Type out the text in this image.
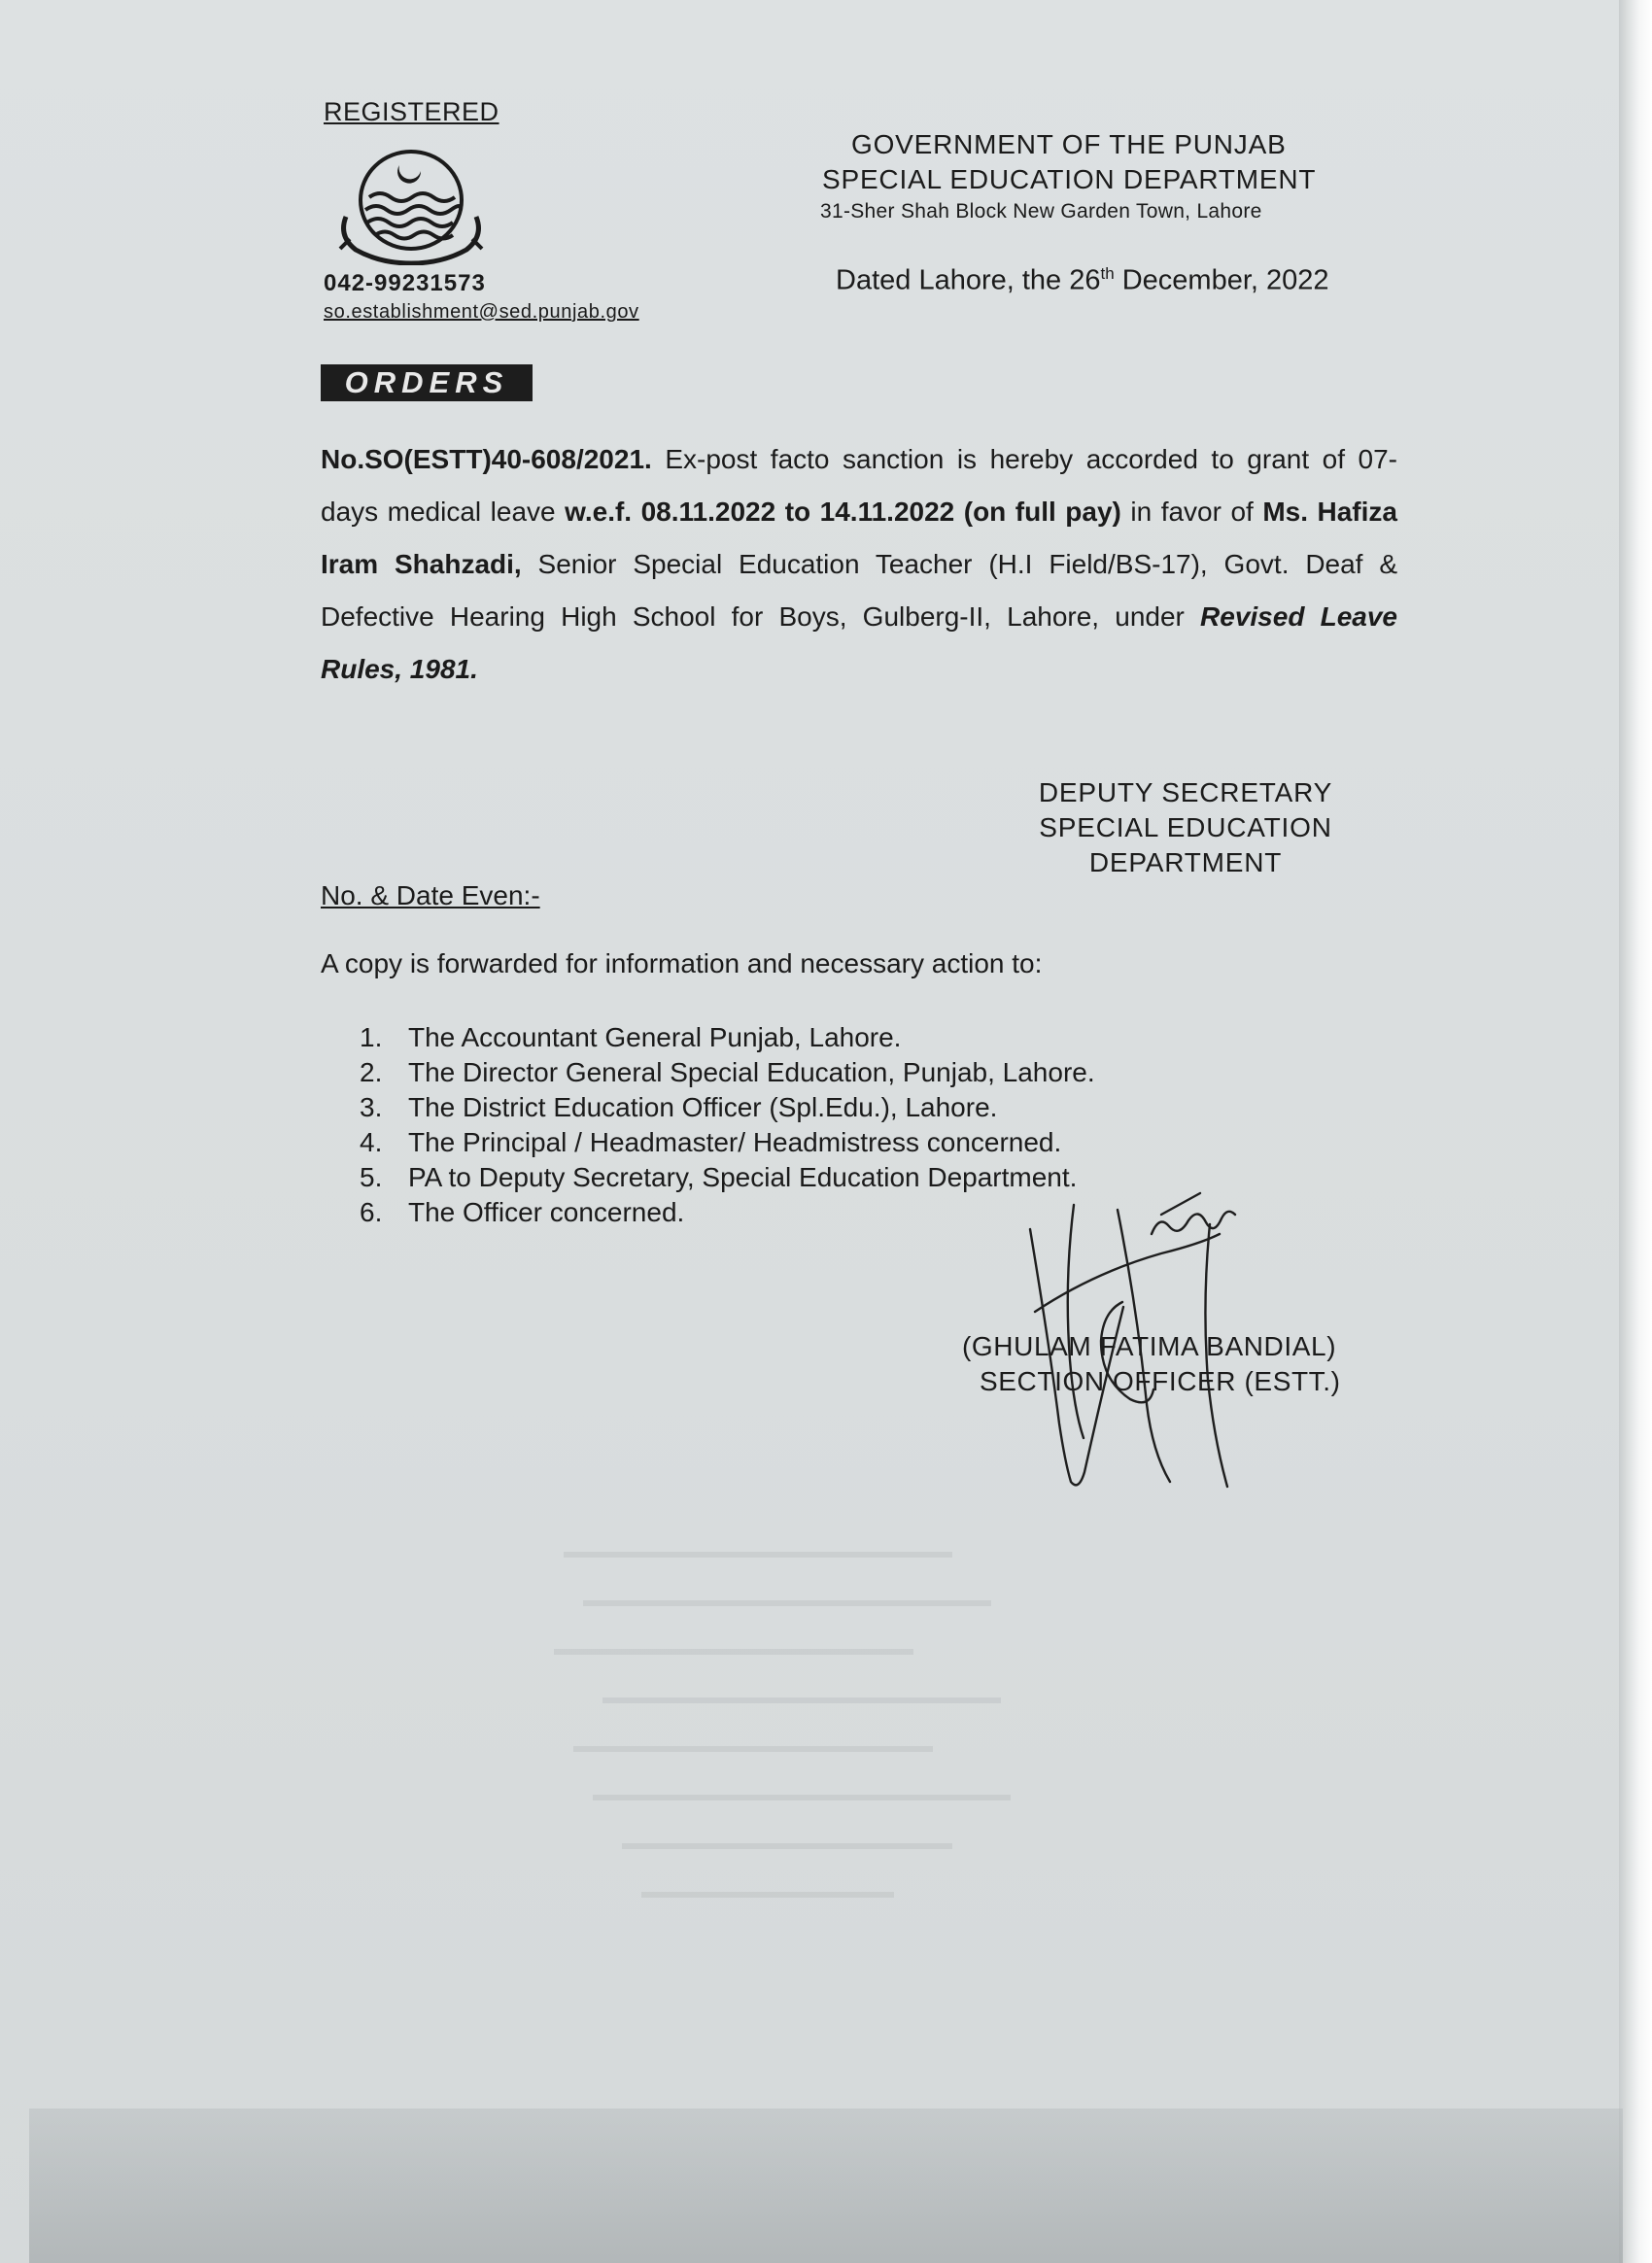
REGISTERED
042-99231573
so.establishment@sed.punjab.gov
GOVERNMENT OF THE PUNJAB
SPECIAL EDUCATION DEPARTMENT
31-Sher Shah Block New Garden Town, Lahore
Dated Lahore, the 26th December, 2022
ORDERS
No.SO(ESTT)40-608/2021. Ex-post facto sanction is hereby accorded to grant of 07-days medical leave w.e.f. 08.11.2022 to 14.11.2022 (on full pay) in favor of Ms. Hafiza Iram Shahzadi, Senior Special Education Teacher (H.I Field/BS-17), Govt. Deaf & Defective Hearing High School for Boys, Gulberg-II, Lahore, under Revised Leave Rules, 1981.
DEPUTY SECRETARY
SPECIAL EDUCATION
DEPARTMENT
No. & Date Even:-
A copy is forwarded for information and necessary action to:
1. The Accountant General Punjab, Lahore.
2. The Director General Special Education, Punjab, Lahore.
3. The District Education Officer (Spl.Edu.), Lahore.
4. The Principal / Headmaster/ Headmistress concerned.
5. PA to Deputy Secretary, Special Education Department.
6. The Officer concerned.
(GHULAM FATIMA BANDIAL)
SECTION OFFICER (ESTT.)
